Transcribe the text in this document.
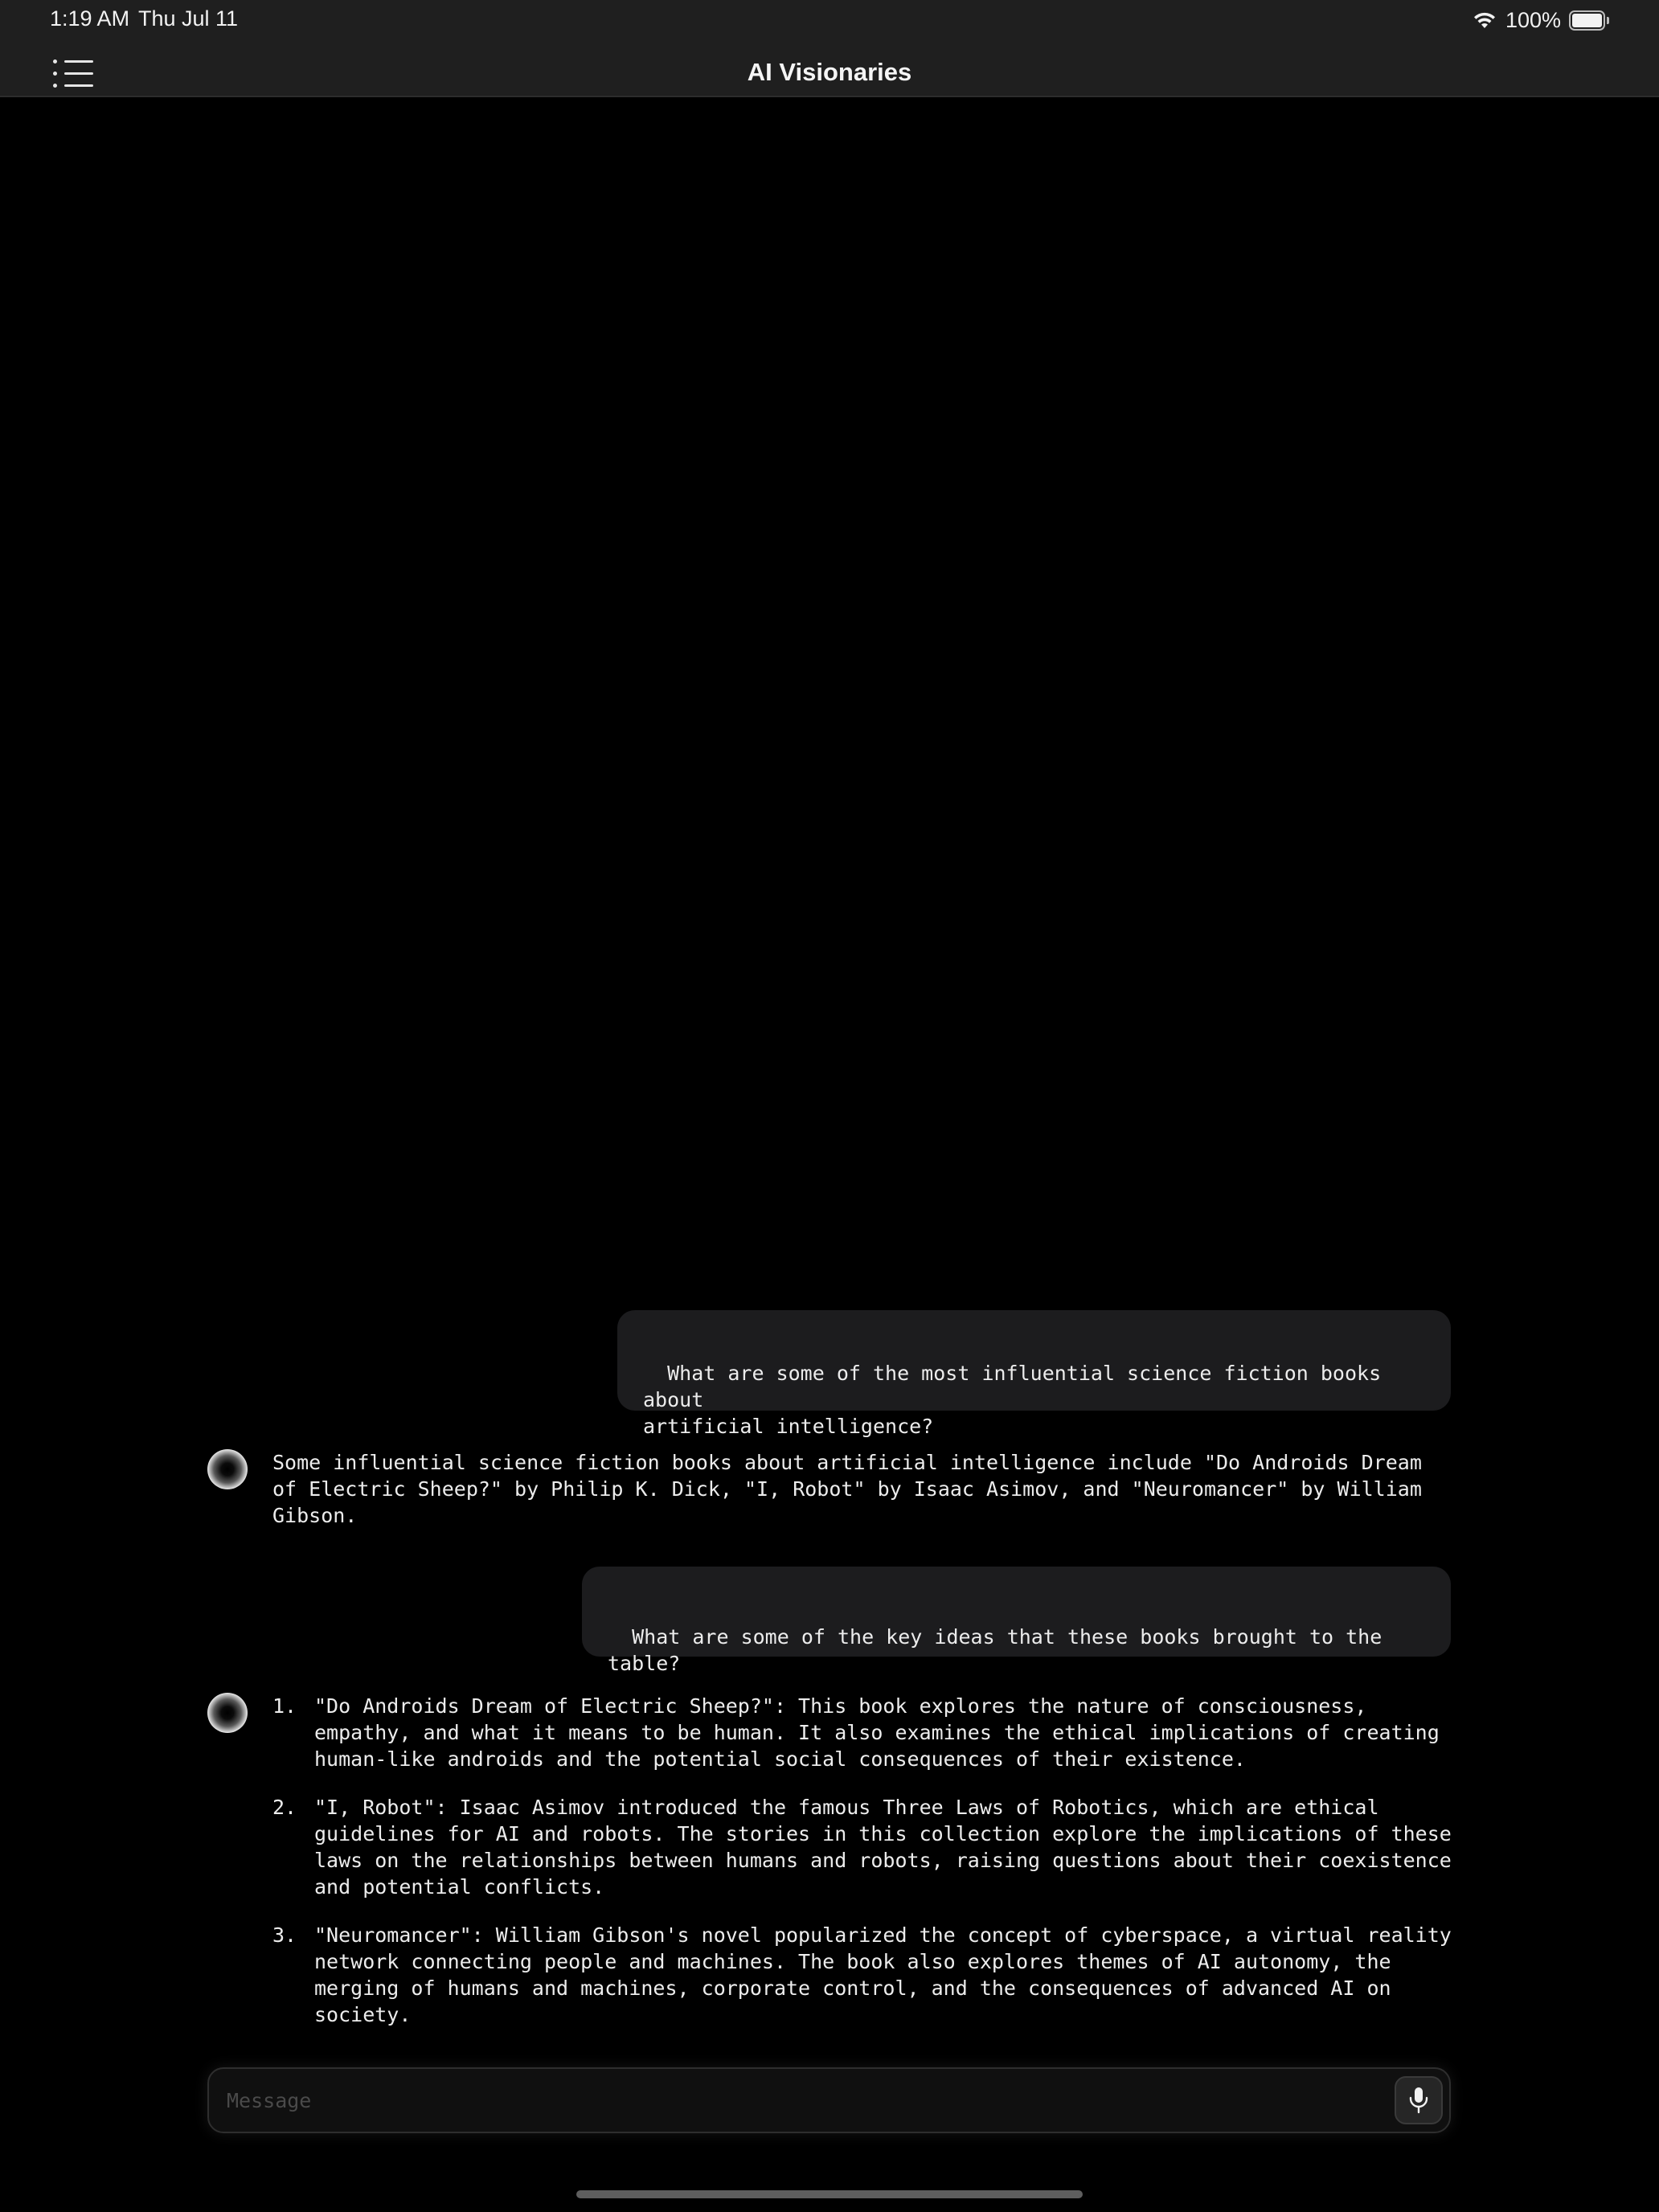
1:19 AM Thu Jul 11	100%
AI Visionaries

What are some of the most influential science fiction books about
artificial intelligence?

Some influential science fiction books about artificial intelligence include "Do Androids Dream of Electric Sheep?" by Philip K. Dick, "I, Robot" by Isaac Asimov, and "Neuromancer" by William Gibson.

What are some of the key ideas that these books brought to the table?

1. "Do Androids Dream of Electric Sheep?": This book explores the nature of consciousness, empathy, and what it means to be human. It also examines the ethical implications of creating human-like androids and the potential social consequences of their existence.
2. "I, Robot": Isaac Asimov introduced the famous Three Laws of Robotics, which are ethical guidelines for AI and robots. The stories in this collection explore the implications of these laws on the relationships between humans and robots, raising questions about their coexistence and potential conflicts.
3. "Neuromancer": William Gibson's novel popularized the concept of cyberspace, a virtual reality network connecting people and machines. The book also explores themes of AI autonomy, the merging of humans and machines, corporate control, and the consequences of advanced AI on society.
Message
